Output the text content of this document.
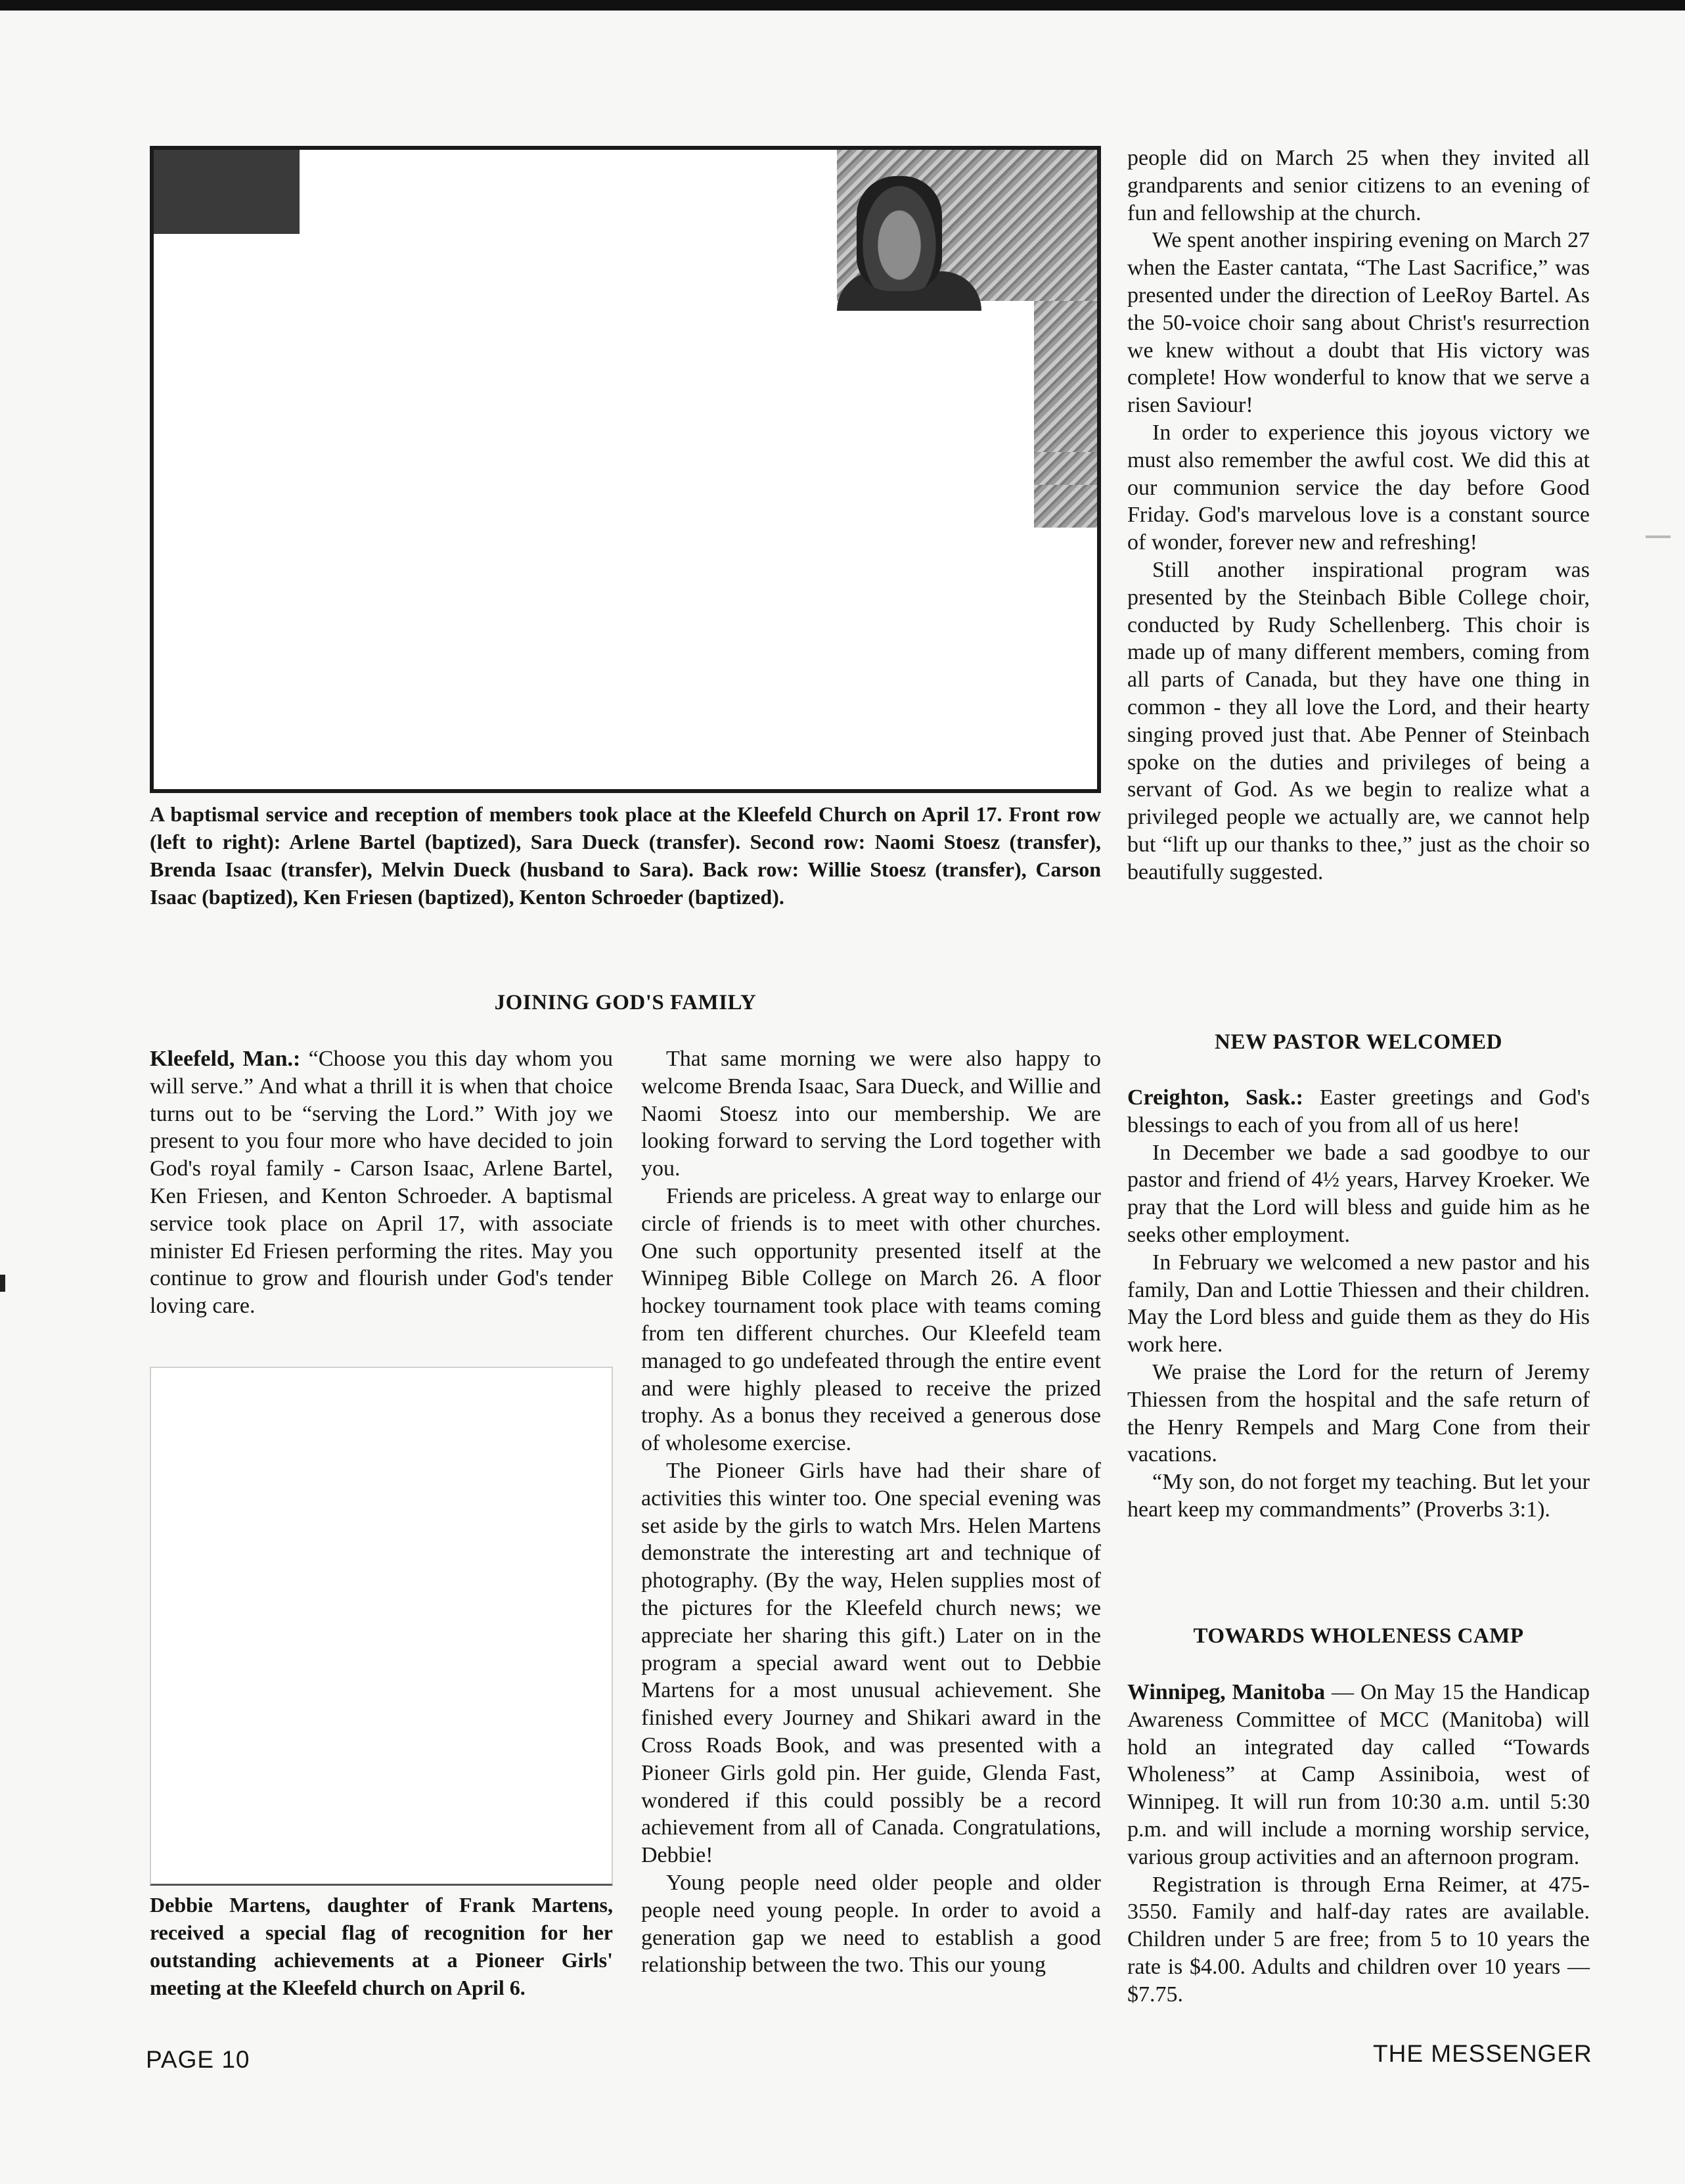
A baptismal service and reception of members took place at the Kleefeld Church on April 17. Front row (left to right): Arlene Bartel (baptized), Sara Dueck (transfer). Second row: Naomi Stoesz (transfer), Brenda Isaac (transfer), Melvin Dueck (husband to Sara). Back row: Willie Stoesz (transfer), Carson Isaac (baptized), Ken Friesen (baptized), Kenton Schroeder (baptized).

JOINING GOD'S FAMILY

Kleefeld, Man.: “Choose you this day whom you will serve.” And what a thrill it is when that choice turns out to be “serving the Lord.” With joy we present to you four more who have decided to join God's royal family - Carson Isaac, Arlene Bartel, Ken Friesen, and Kenton Schroeder. A baptismal service took place on April 17, with associate minister Ed Friesen performing the rites. May you continue to grow and flourish under God's tender loving care.

Debbie Martens, daughter of Frank Martens, received a special flag of recognition for her outstanding achievements at a Pioneer Girls' meeting at the Kleefeld church on April 6.

That same morning we were also happy to welcome Brenda Isaac, Sara Dueck, and Willie and Naomi Stoesz into our membership. We are looking forward to serving the Lord together with you.

Friends are priceless. A great way to enlarge our circle of friends is to meet with other churches. One such opportunity presented itself at the Winnipeg Bible College on March 26. A floor hockey tournament took place with teams coming from ten different churches. Our Kleefeld team managed to go undefeated through the entire event and were highly pleased to receive the prized trophy. As a bonus they received a generous dose of wholesome exercise.

The Pioneer Girls have had their share of activities this winter too. One special evening was set aside by the girls to watch Mrs. Helen Martens demonstrate the interesting art and technique of photography. (By the way, Helen supplies most of the pictures for the Kleefeld church news; we appreciate her sharing this gift.) Later on in the program a special award went out to Debbie Martens for a most unusual achievement. She finished every Journey and Shikari award in the Cross Roads Book, and was presented with a Pioneer Girls gold pin. Her guide, Glenda Fast, wondered if this could possibly be a record achievement from all of Canada. Congratulations, Debbie!

Young people need older people and older people need young people. In order to avoid a generation gap we need to establish a good relationship between the two. This our young

people did on March 25 when they invited all grandparents and senior citizens to an evening of fun and fellowship at the church.

We spent another inspiring evening on March 27 when the Easter cantata, “The Last Sacrifice,” was presented under the direction of LeeRoy Bartel. As the 50-voice choir sang about Christ's resurrection we knew without a doubt that His victory was complete! How wonderful to know that we serve a risen Saviour!

In order to experience this joyous victory we must also remember the awful cost. We did this at our communion service the day before Good Friday. God's marvelous love is a constant source of wonder, forever new and refreshing!

Still another inspirational program was presented by the Steinbach Bible College choir, conducted by Rudy Schellenberg. This choir is made up of many different members, coming from all parts of Canada, but they have one thing in common - they all love the Lord, and their hearty singing proved just that. Abe Penner of Steinbach spoke on the duties and privileges of being a servant of God. As we begin to realize what a privileged people we actually are, we cannot help but “lift up our thanks to thee,” just as the choir so beautifully suggested.

NEW PASTOR WELCOMED

Creighton, Sask.: Easter greetings and God's blessings to each of you from all of us here!

In December we bade a sad goodbye to our pastor and friend of 4½ years, Harvey Kroeker. We pray that the Lord will bless and guide him as he seeks other employment.

In February we welcomed a new pastor and his family, Dan and Lottie Thiessen and their children. May the Lord bless and guide them as they do His work here.

We praise the Lord for the return of Jeremy Thiessen from the hospital and the safe return of the Henry Rempels and Marg Cone from their vacations.

“My son, do not forget my teaching. But let your heart keep my commandments” (Proverbs 3:1).

TOWARDS WHOLENESS CAMP

Winnipeg, Manitoba — On May 15 the Handicap Awareness Committee of MCC (Manitoba) will hold an integrated day called “Towards Wholeness” at Camp Assiniboia, west of Winnipeg. It will run from 10:30 a.m. until 5:30 p.m. and will include a morning worship service, various group activities and an afternoon program.

Registration is through Erna Reimer, at 475-3550. Family and half-day rates are available. Children under 5 are free; from 5 to 10 years the rate is $4.00. Adults and children over 10 years — $7.75.

PAGE 10	THE MESSENGER
